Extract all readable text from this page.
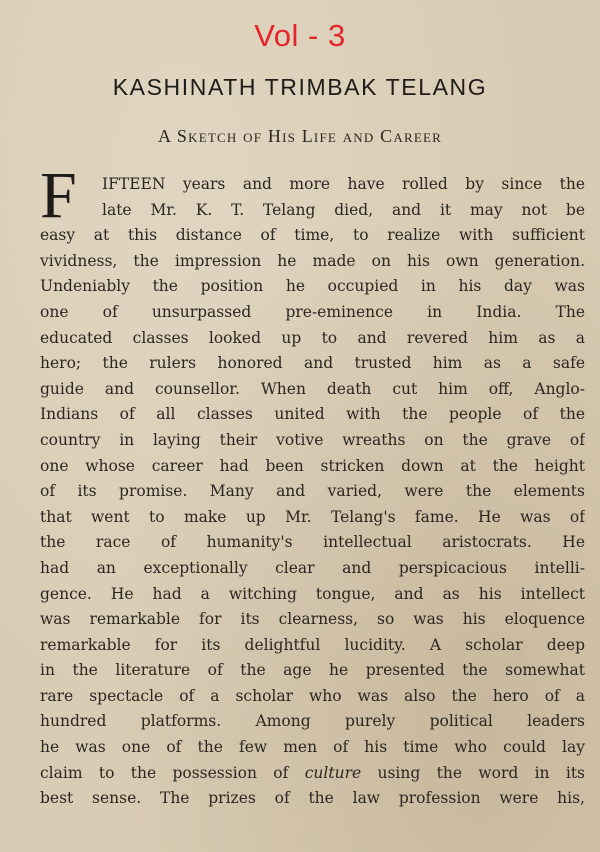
Vol - 3
KASHINATH TRIMBAK TELANG
A Sketch of His Life and Career
F	IFTEEN years and more have rolled by since the
late Mr. K. T. Telang died, and it may not be
easy at this distance of time, to realize with sufficient
vividness, the impression he made on his own generation.
Undeniably the position he occupied in his day was
one of unsurpassed pre-eminence in India. The
educated classes looked up to and revered him as a
hero; the rulers honored and trusted him as a safe
guide and counsellor. When death cut him off, Anglo-
Indians of all classes united with the people of the
country in laying their votive wreaths on the grave of
one whose career had been stricken down at the height
of its promise. Many and varied, were the elements
that went to make up Mr. Telang's fame. He was of
the race of humanity's intellectual aristocrats. He
had an exceptionally clear and perspicacious intelli-
gence. He had a witching tongue, and as his intellect
was remarkable for its clearness, so was his eloquence
remarkable for its delightful lucidity. A scholar deep
in the literature of the age he presented the somewhat
rare spectacle of a scholar who was also the hero of a
hundred platforms. Among purely political leaders
he was one of the few men of his time who could lay
claim to the possession of culture using the word in its
best sense. The prizes of the law profession were his,
